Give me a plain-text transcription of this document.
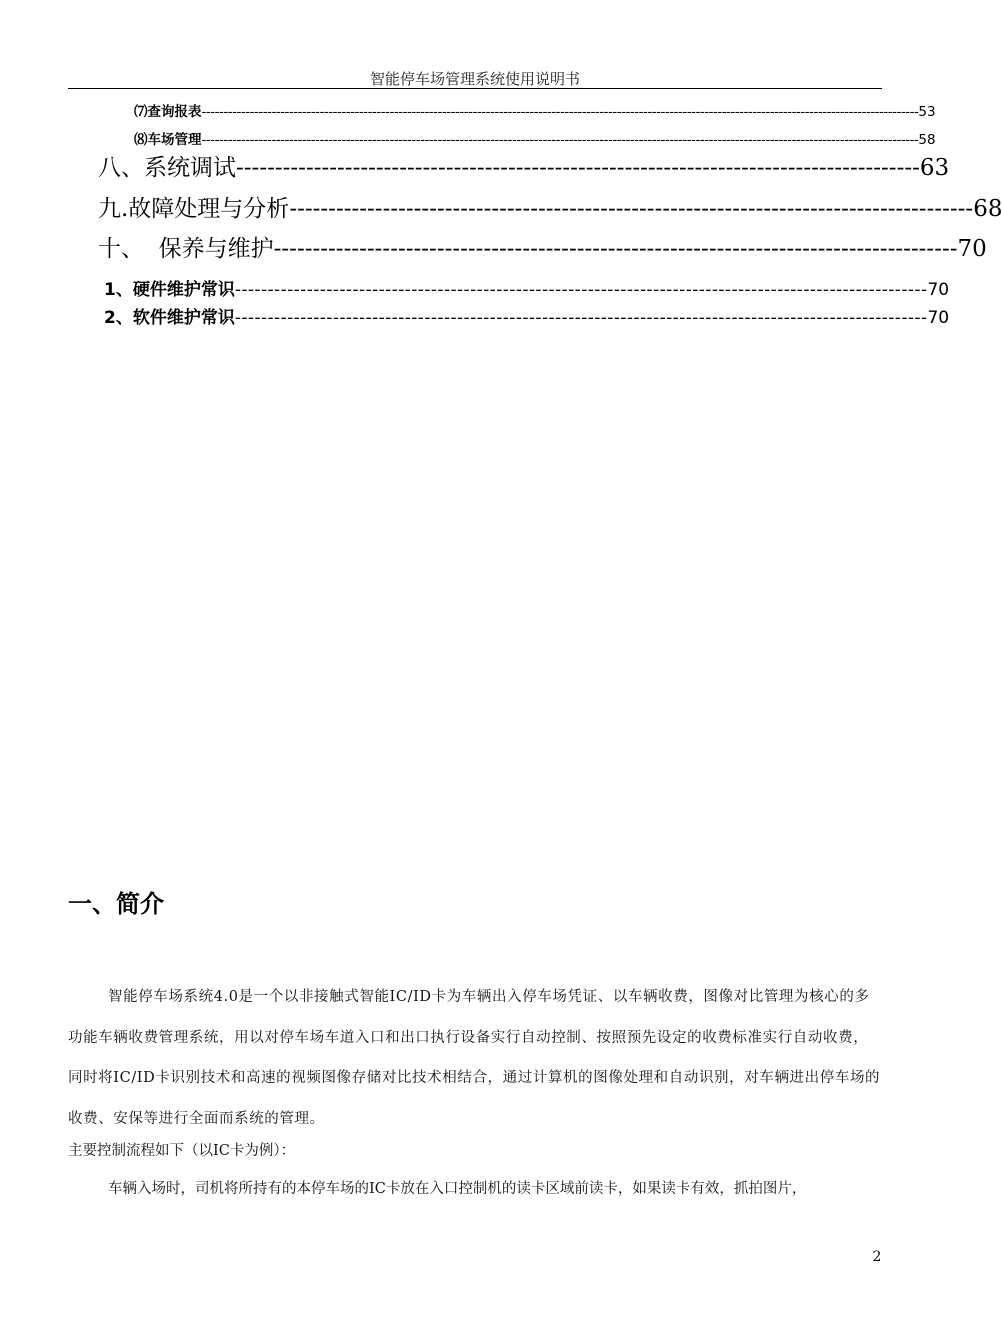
智能停车场管理系统使用说明书
⑺查询报表 -------------------------------------------------------------------------------------------------------------------------------------------------------------------- 53
⑻车场管理 -------------------------------------------------------------------------------------------------------------------------------------------------------------------- 58
八、系统调试 ---------------------------------------------------------------------------------------- 63
九.故障处理与分析 ---------------------------------------------------------------------------------------- 68
十、  保养与维护 ---------------------------------------------------------------------------------------- 70
1、硬件维护常识 ---------------------------------------------------------------------------------------------------------- 70
2、软件维护常识 ---------------------------------------------------------------------------------------------------------- 70
一、简介
智能停车场系统4.0是一个以非接触式智能IC/ID卡为车辆出入停车场凭证、以车辆收费，图像对比管理为核心的多功能车辆收费管理系统，用以对停车场车道入口和出口执行设备实行自动控制、按照预先设定的收费标准实行自动收费，同时将IC/ID卡识别技术和高速的视频图像存储对比技术相结合，通过计算机的图像处理和自动识别，对车辆进出停车场的收费、安保等进行全面而系统的管理。
主要控制流程如下（以IC卡为例）：
车辆入场时，司机将所持有的本停车场的IC卡放在入口控制机的读卡区域前读卡，如果读卡有效，抓拍图片，
2
